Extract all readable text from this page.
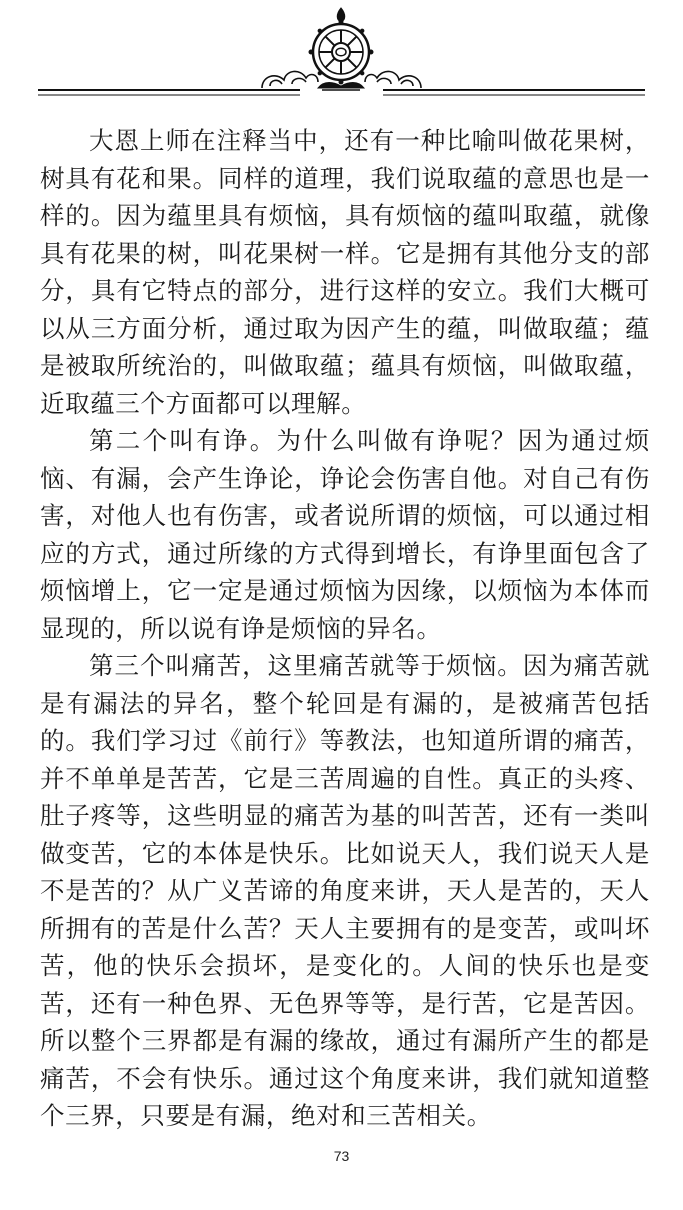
大恩上师在注释当中，还有一种比喻叫做花果树，树具有花和果。同样的道理，我们说取蕴的意思也是一样的。因为蕴里具有烦恼，具有烦恼的蕴叫取蕴，就像具有花果的树，叫花果树一样。它是拥有其他分支的部分，具有它特点的部分，进行这样的安立。我们大概可以从三方面分析，通过取为因产生的蕴，叫做取蕴；蕴是被取所统治的，叫做取蕴；蕴具有烦恼，叫做取蕴，近取蕴三个方面都可以理解。

第二个叫有诤。为什么叫做有诤呢？因为通过烦恼、有漏，会产生诤论，诤论会伤害自他。对自己有伤害，对他人也有伤害，或者说所谓的烦恼，可以通过相应的方式，通过所缘的方式得到增长，有诤里面包含了烦恼增上，它一定是通过烦恼为因缘，以烦恼为本体而显现的，所以说有诤是烦恼的异名。

第三个叫痛苦，这里痛苦就等于烦恼。因为痛苦就是有漏法的异名，整个轮回是有漏的，是被痛苦包括的。我们学习过《前行》等教法，也知道所谓的痛苦，并不单单是苦苦，它是三苦周遍的自性。真正的头疼、肚子疼等，这些明显的痛苦为基的叫苦苦，还有一类叫做变苦，它的本体是快乐。比如说天人，我们说天人是不是苦的？从广义苦谛的角度来讲，天人是苦的，天人所拥有的苦是什么苦？天人主要拥有的是变苦，或叫坏苦，他的快乐会损坏，是变化的。人间的快乐也是变苦，还有一种色界、无色界等等，是行苦，它是苦因。所以整个三界都是有漏的缘故，通过有漏所产生的都是痛苦，不会有快乐。通过这个角度来讲，我们就知道整个三界，只要是有漏，绝对和三苦相关。

73
